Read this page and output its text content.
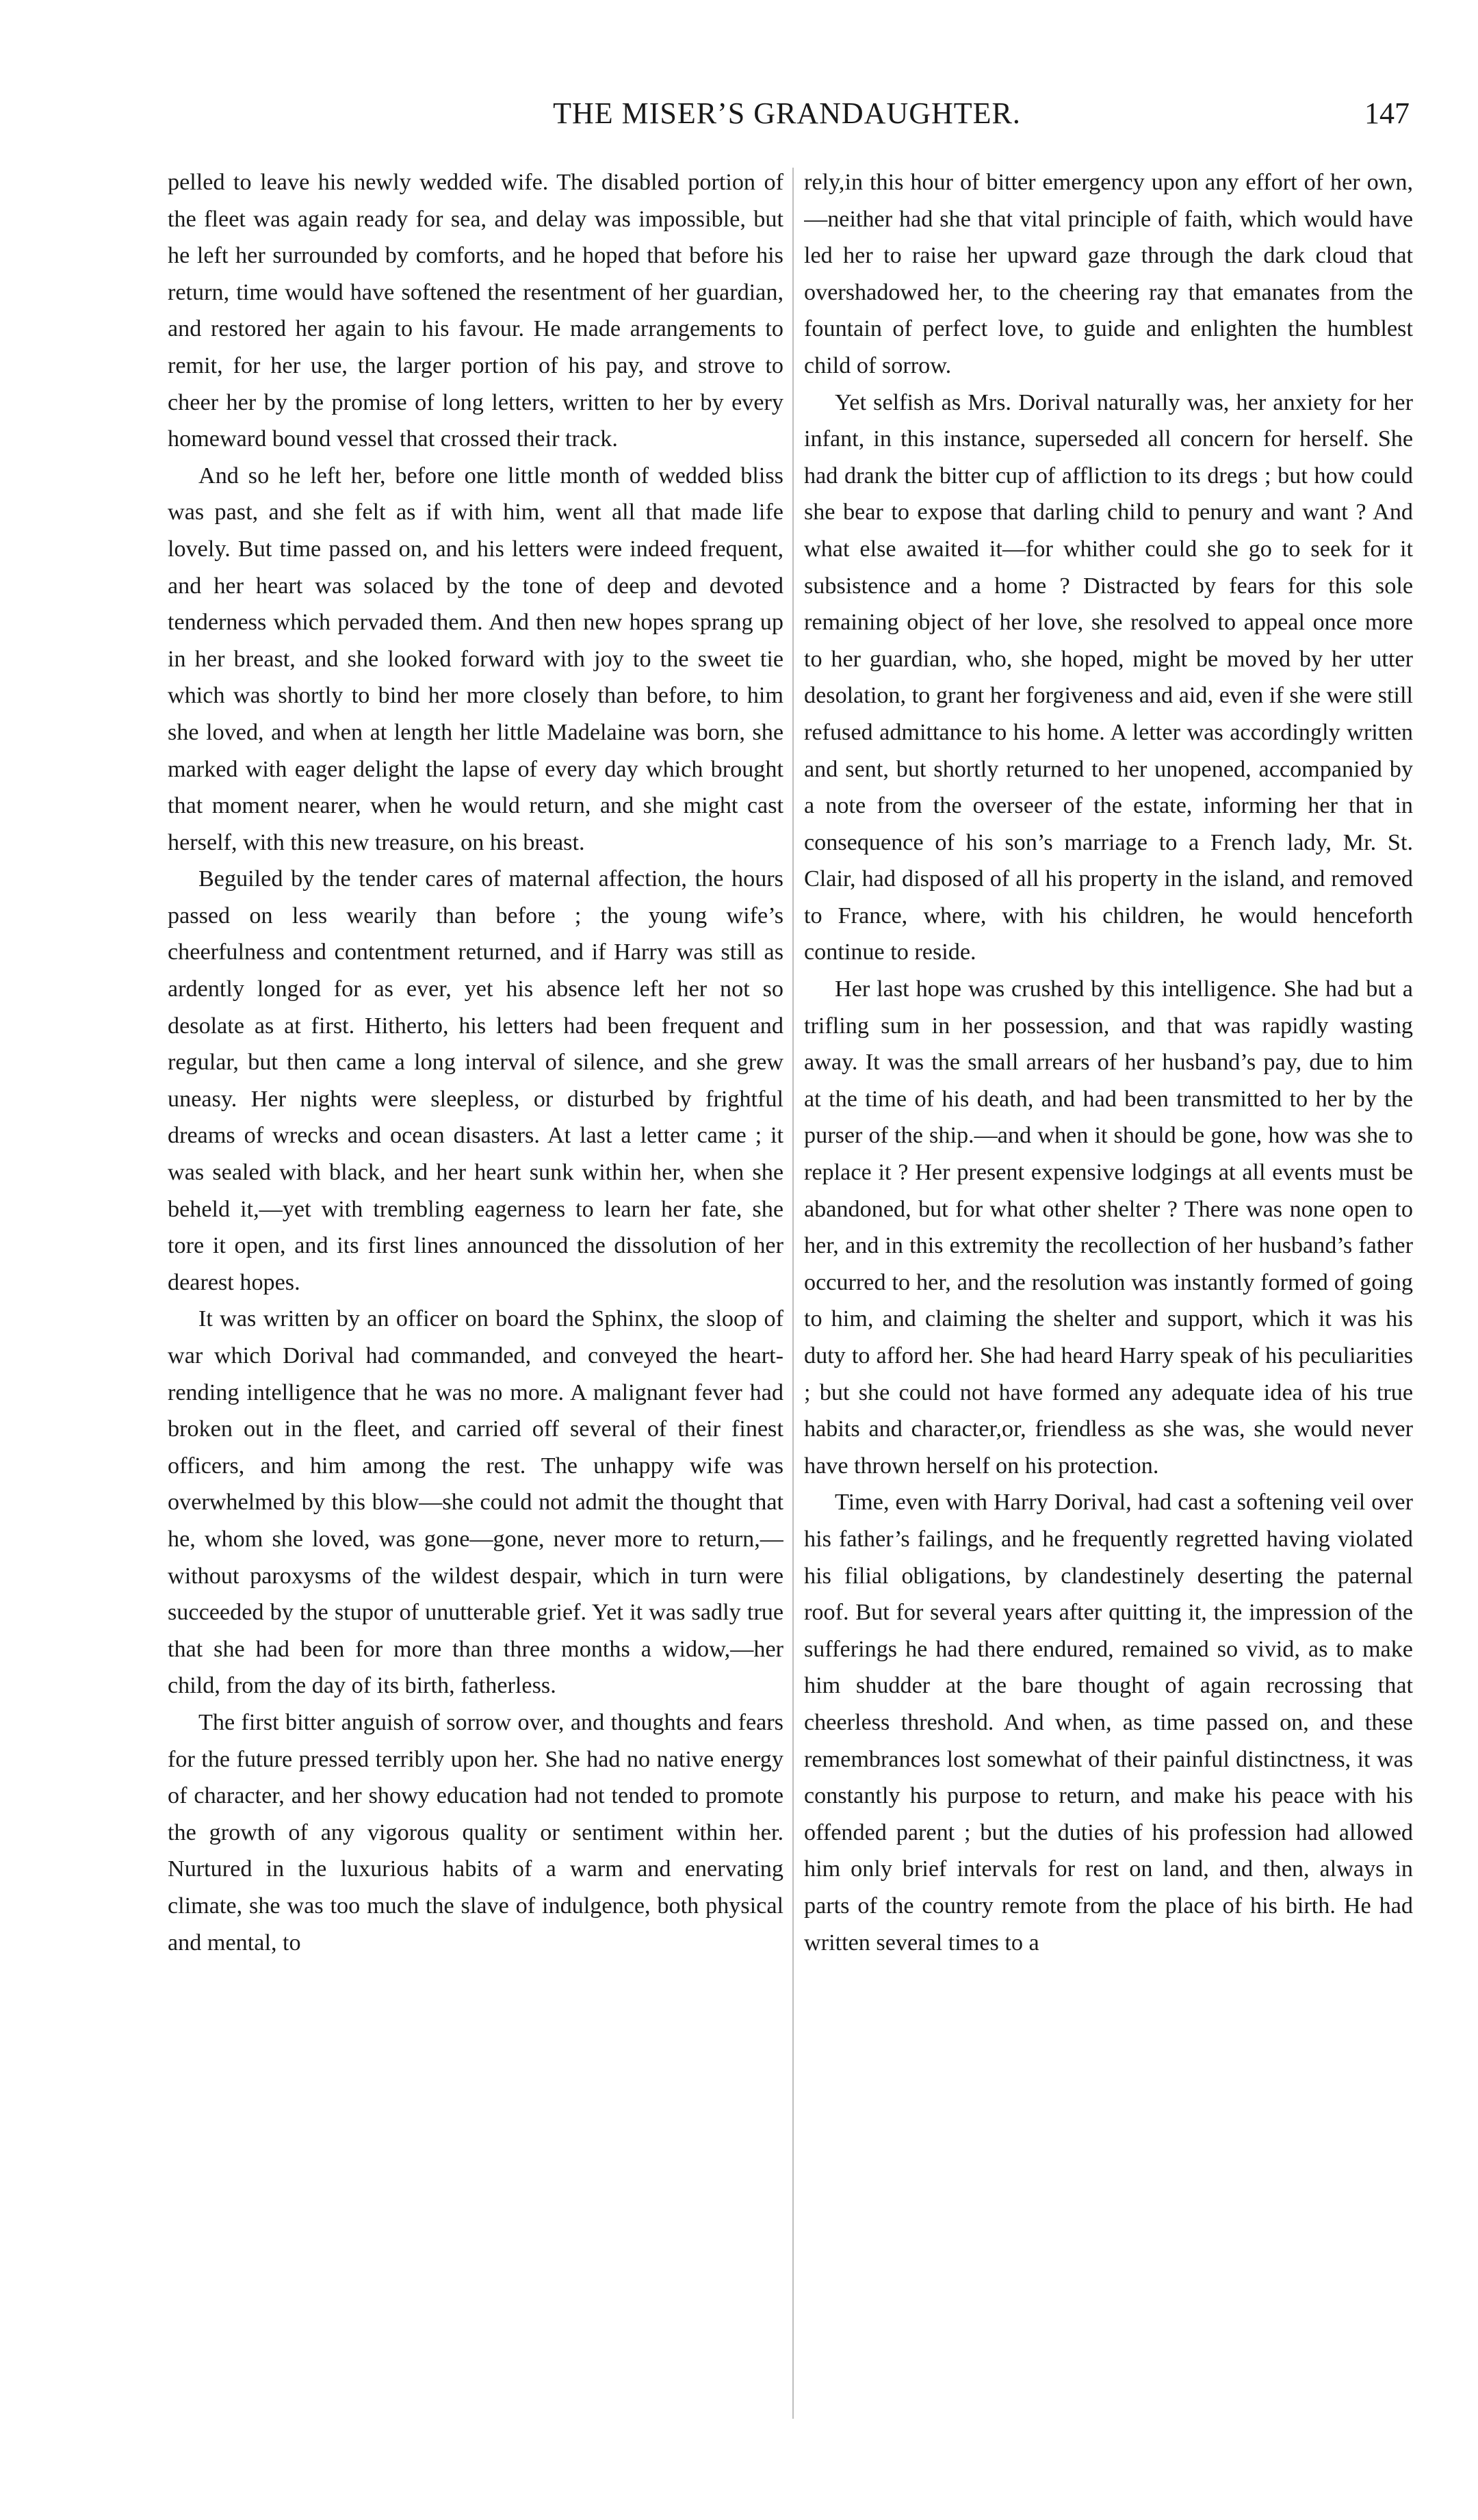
THE MISER’S GRANDAUGHTER.	147

pelled to leave his newly wedded wife. The disabled portion of the fleet was again ready for sea, and delay was impossible, but he left her surrounded by comforts, and he hoped that before his return, time would have softened the resentment of her guardian, and restored her again to his favour. He made arrangements to remit, for her use, the larger portion of his pay, and strove to cheer her by the promise of long letters, written to her by every homeward bound vessel that crossed their track.

And so he left her, before one little month of wedded bliss was past, and she felt as if with him, went all that made life lovely. But time passed on, and his letters were indeed frequent, and her heart was solaced by the tone of deep and devoted tenderness which pervaded them. And then new hopes sprang up in her breast, and she looked forward with joy to the sweet tie which was shortly to bind her more closely than before, to him she loved, and when at length her little Madelaine was born, she marked with eager delight the lapse of every day which brought that moment nearer, when he would return, and she might cast herself, with this new treasure, on his breast.

Beguiled by the tender cares of maternal affection, the hours passed on less wearily than before ; the young wife’s cheerfulness and contentment returned, and if Harry was still as ardently longed for as ever, yet his absence left her not so desolate as at first. Hitherto, his letters had been frequent and regular, but then came a long interval of silence, and she grew uneasy. Her nights were sleepless, or disturbed by frightful dreams of wrecks and ocean disasters. At last a letter came ; it was sealed with black, and her heart sunk within her, when she beheld it,—yet with trembling eagerness to learn her fate, she tore it open, and its first lines announced the dissolution of her dearest hopes.

It was written by an officer on board the Sphinx, the sloop of war which Dorival had commanded, and conveyed the heart-rending intelligence that he was no more. A malignant fever had broken out in the fleet, and carried off several of their finest officers, and him among the rest. The unhappy wife was overwhelmed by this blow—she could not admit the thought that he, whom she loved, was gone—gone, never more to return,—without paroxysms of the wildest despair, which in turn were succeeded by the stupor of unutterable grief. Yet it was sadly true that she had been for more than three months a widow,—her child, from the day of its birth, fatherless.

The first bitter anguish of sorrow over, and thoughts and fears for the future pressed terribly upon her. She had no native energy of character, and her showy education had not tended to promote the growth of any vigorous quality or sentiment within her. Nurtured in the luxurious habits of a warm and enervating climate, she was too much the slave of indulgence, both physical and mental, to

rely,in this hour of bitter emergency upon any effort of her own,—neither had she that vital principle of faith, which would have led her to raise her upward gaze through the dark cloud that overshadowed her, to the cheering ray that emanates from the fountain of perfect love, to guide and enlighten the humblest child of sorrow.

Yet selfish as Mrs. Dorival naturally was, her anxiety for her infant, in this instance, superseded all concern for herself. She had drank the bitter cup of affliction to its dregs ; but how could she bear to expose that darling child to penury and want ? And what else awaited it—for whither could she go to seek for it subsistence and a home ? Distracted by fears for this sole remaining object of her love, she resolved to appeal once more to her guardian, who, she hoped, might be moved by her utter desolation, to grant her forgiveness and aid, even if she were still refused admittance to his home. A letter was accordingly written and sent, but shortly returned to her unopened, accompanied by a note from the overseer of the estate, informing her that in consequence of his son’s marriage to a French lady, Mr. St. Clair, had disposed of all his property in the island, and removed to France, where, with his children, he would henceforth continue to reside.

Her last hope was crushed by this intelligence. She had but a trifling sum in her possession, and that was rapidly wasting away. It was the small arrears of her husband’s pay, due to him at the time of his death, and had been transmitted to her by the purser of the ship.—and when it should be gone, how was she to replace it ? Her present expensive lodgings at all events must be abandoned, but for what other shelter ? There was none open to her, and in this extremity the recollection of her husband’s father occurred to her, and the resolution was instantly formed of going to him, and claiming the shelter and support, which it was his duty to afford her. She had heard Harry speak of his peculiarities ; but she could not have formed any adequate idea of his true habits and character,or, friendless as she was, she would never have thrown herself on his protection.

Time, even with Harry Dorival, had cast a softening veil over his father’s failings, and he frequently regretted having violated his filial obligations, by clandestinely deserting the paternal roof. But for several years after quitting it, the impression of the sufferings he had there endured, remained so vivid, as to make him shudder at the bare thought of again recrossing that cheerless threshold. And when, as time passed on, and these remembrances lost somewhat of their painful distinctness, it was constantly his purpose to return, and make his peace with his offended parent ; but the duties of his profession had allowed him only brief intervals for rest on land, and then, always in parts of the country remote from the place of his birth. He had written several times to a
